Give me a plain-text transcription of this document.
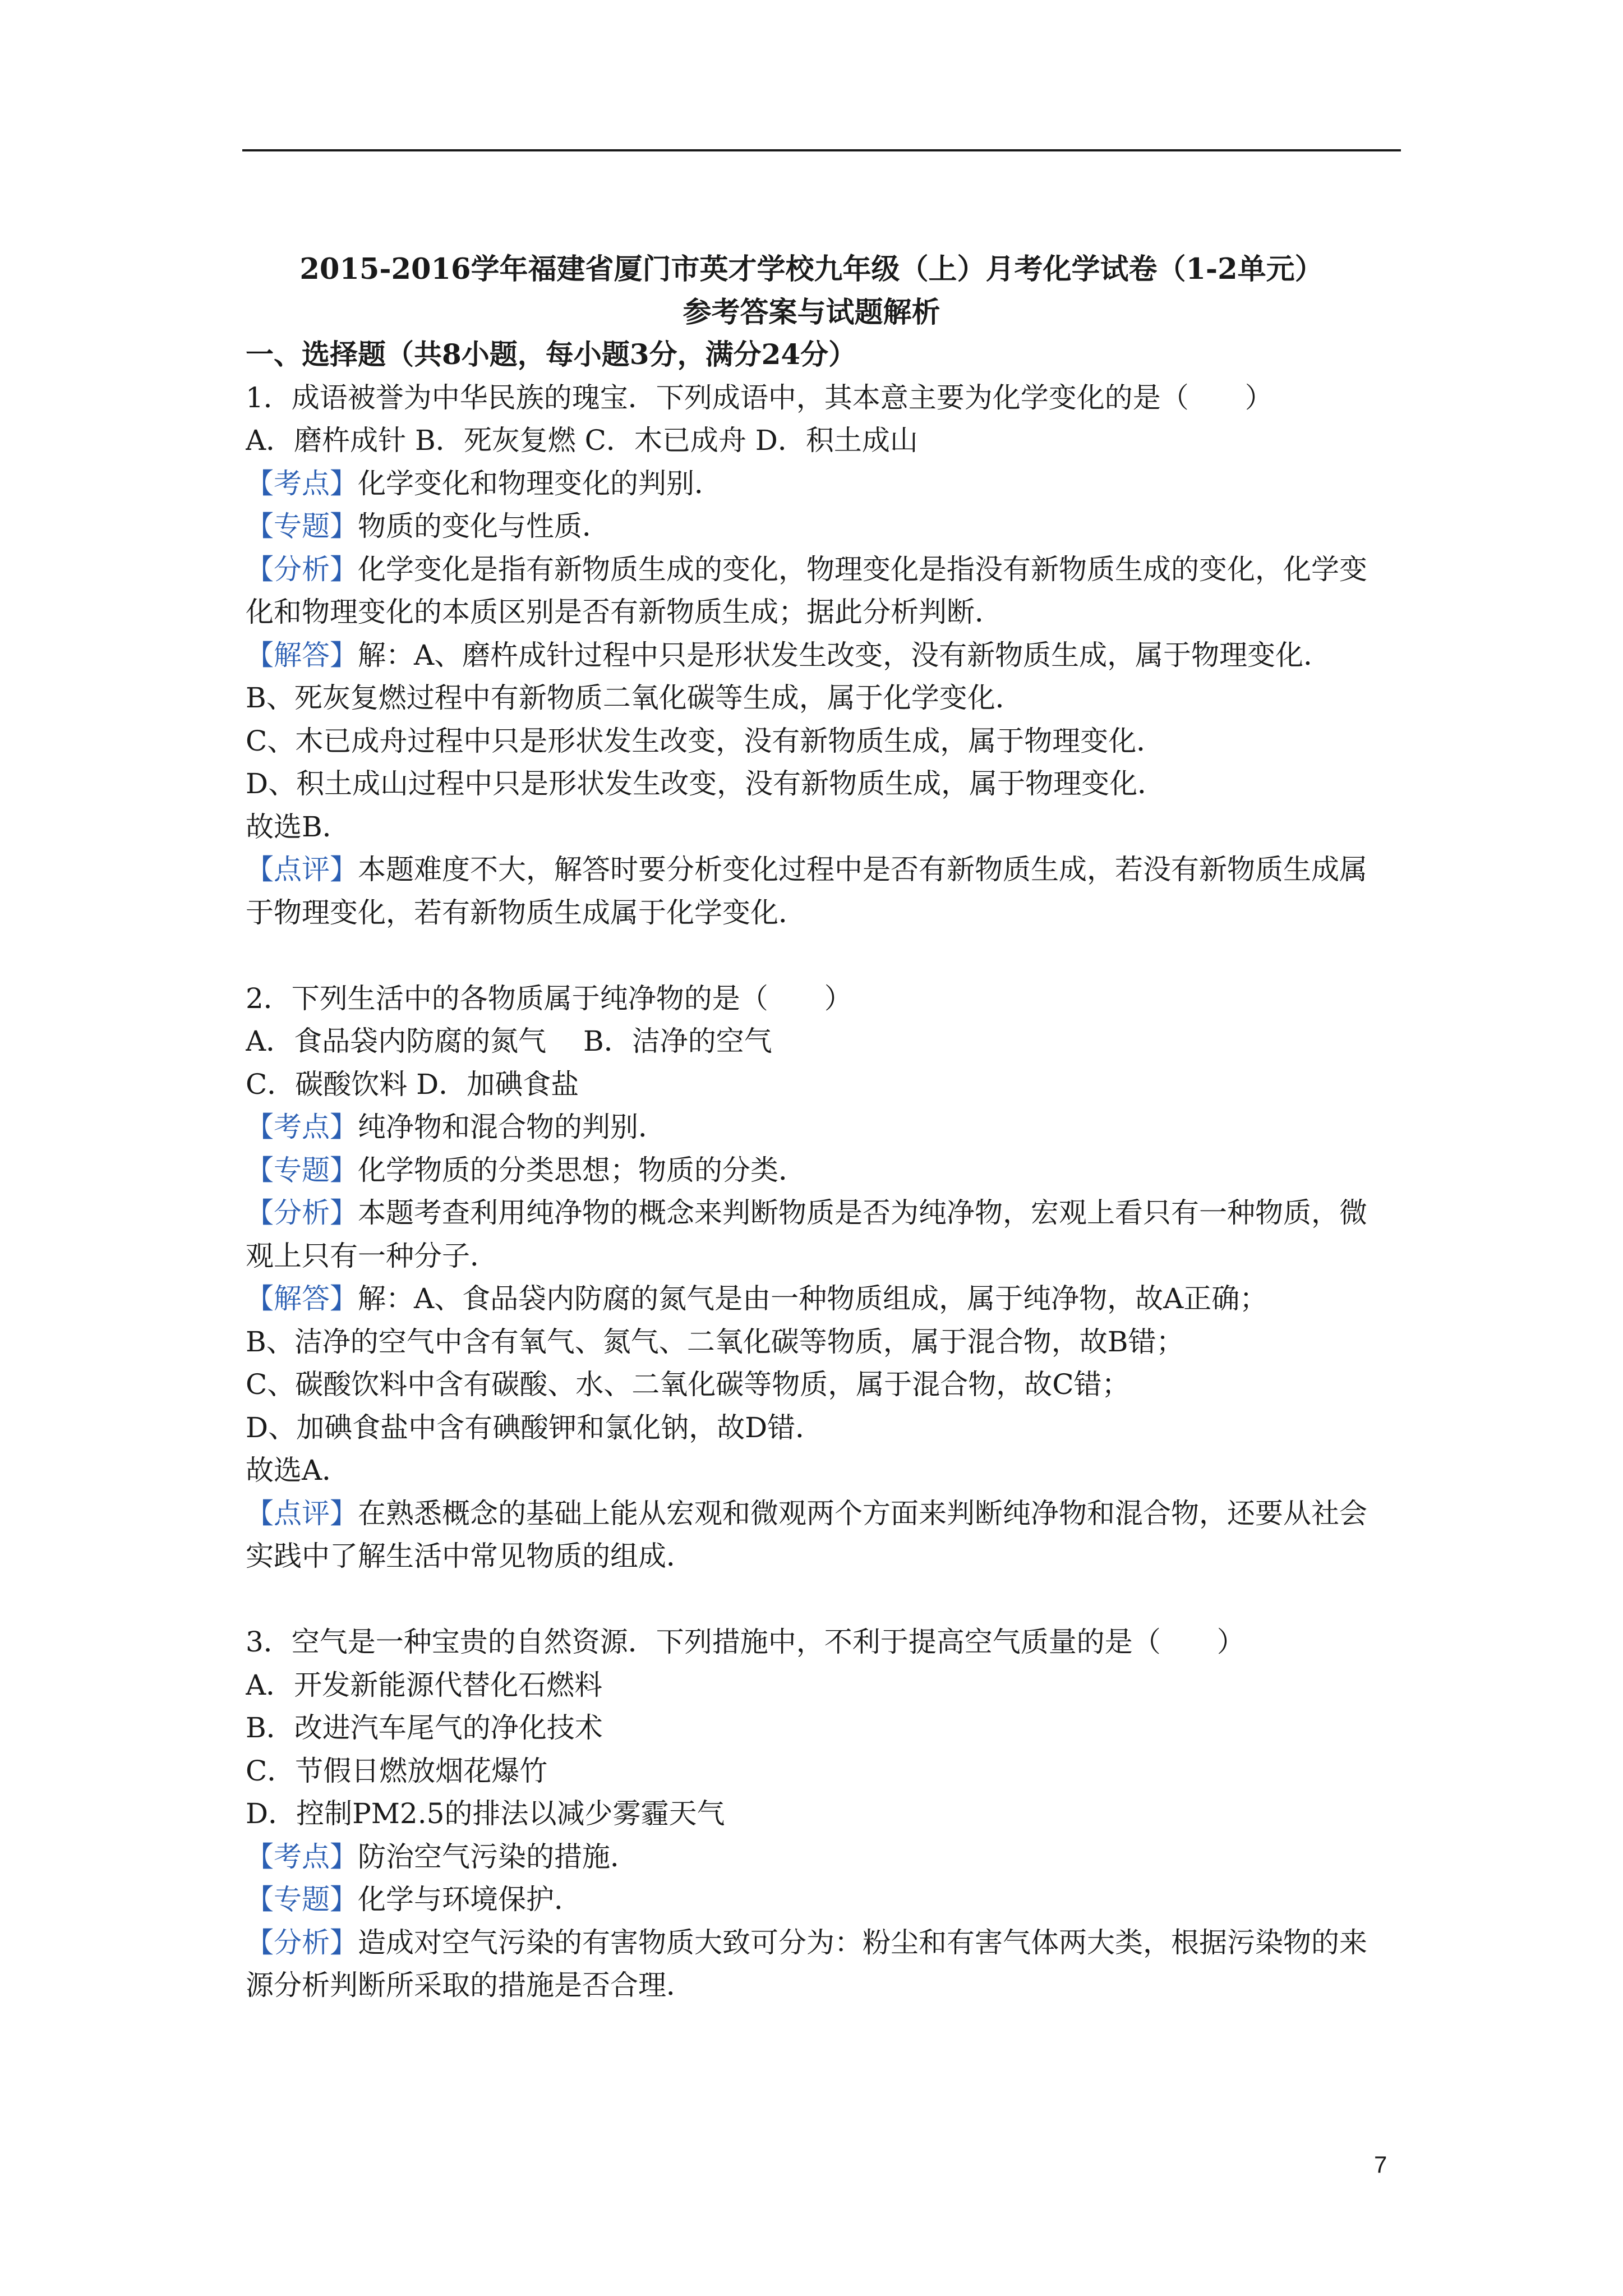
2015-2016学年福建省厦门市英才学校九年级（上）月考化学试卷（1-2单元）
参考答案与试题解析
一、选择题（共8小题，每小题3分，满分24分）
1．成语被誉为中华民族的瑰宝．下列成语中，其本意主要为化学变化的是（　　）
A．磨杵成针 B．死灰复燃 C．木已成舟 D．积土成山
【考点】化学变化和物理变化的判别．
【专题】物质的变化与性质．
【分析】化学变化是指有新物质生成的变化，物理变化是指没有新物质生成的变化，化学变
化和物理变化的本质区别是否有新物质生成；据此分析判断．
【解答】解：A、磨杵成针过程中只是形状发生改变，没有新物质生成，属于物理变化．
B、死灰复燃过程中有新物质二氧化碳等生成，属于化学变化．
C、木已成舟过程中只是形状发生改变，没有新物质生成，属于物理变化．
D、积土成山过程中只是形状发生改变，没有新物质生成，属于物理变化．
故选B．
【点评】本题难度不大，解答时要分析变化过程中是否有新物质生成，若没有新物质生成属
于物理变化，若有新物质生成属于化学变化．
2．下列生活中的各物质属于纯净物的是（　　）
A．食品袋内防腐的氮气　 B．洁净的空气
C．碳酸饮料 D．加碘食盐
【考点】纯净物和混合物的判别．
【专题】化学物质的分类思想；物质的分类．
【分析】本题考查利用纯净物的概念来判断物质是否为纯净物，宏观上看只有一种物质，微
观上只有一种分子．
【解答】解：A、食品袋内防腐的氮气是由一种物质组成，属于纯净物，故A正确；
B、洁净的空气中含有氧气、氮气、二氧化碳等物质，属于混合物，故B错；
C、碳酸饮料中含有碳酸、水、二氧化碳等物质，属于混合物，故C错；
D、加碘食盐中含有碘酸钾和氯化钠，故D错．
故选A．
【点评】在熟悉概念的基础上能从宏观和微观两个方面来判断纯净物和混合物，还要从社会
实践中了解生活中常见物质的组成．
3．空气是一种宝贵的自然资源．下列措施中，不利于提高空气质量的是（　　）
A．开发新能源代替化石燃料
B．改进汽车尾气的净化技术
C．节假日燃放烟花爆竹
D．控制PM2.5的排法以减少雾霾天气
【考点】防治空气污染的措施．
【专题】化学与环境保护．
【分析】造成对空气污染的有害物质大致可分为：粉尘和有害气体两大类，根据污染物的来
源分析判断所采取的措施是否合理．
7
